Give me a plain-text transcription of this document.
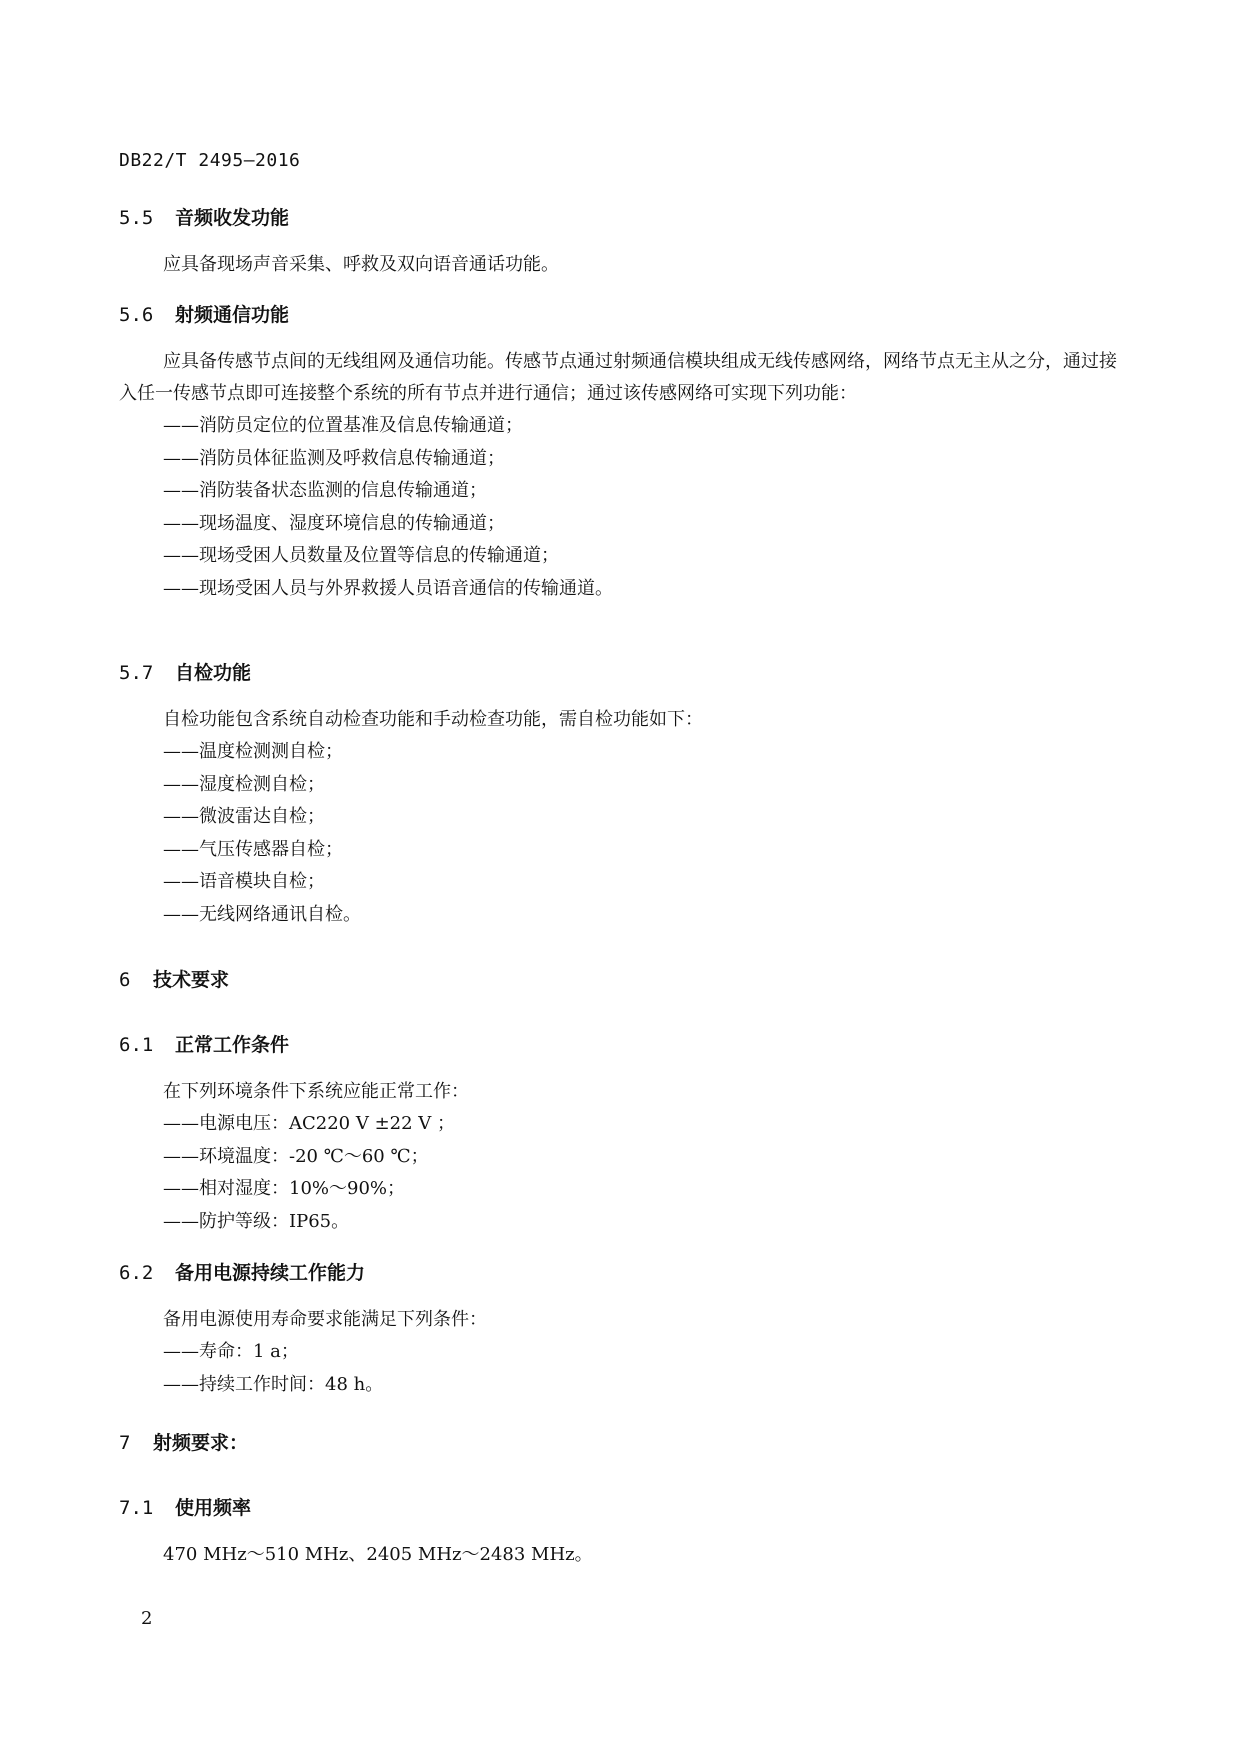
DB22/T 2495—2016
5.5 音频收发功能

应具备现场声音采集、呼救及双向语音通话功能。

5.6 射频通信功能

应具备传感节点间的无线组网及通信功能。传感节点通过射频通信模块组成无线传感网络，网络节点无主从之分，通过接入任一传感节点即可连接整个系统的所有节点并进行通信；通过该传感网络可实现下列功能：

——消防员定位的位置基准及信息传输通道；

——消防员体征监测及呼救信息传输通道；

——消防装备状态监测的信息传输通道；

——现场温度、湿度环境信息的传输通道；

——现场受困人员数量及位置等信息的传输通道；

——现场受困人员与外界救援人员语音通信的传输通道。

5.7 自检功能

自检功能包含系统自动检查功能和手动检查功能，需自检功能如下：

——温度检测测自检；

——湿度检测自检；

——微波雷达自检；

——气压传感器自检；

——语音模块自检；

——无线网络通讯自检。

6 技术要求
6.1 正常工作条件

在下列环境条件下系统应能正常工作：

——电源电压：AC220 V ±22 V ；

——环境温度：-20 ℃～60 ℃；

——相对湿度：10%～90%；

——防护等级：IP65。

6.2 备用电源持续工作能力

备用电源使用寿命要求能满足下列条件：

——寿命：1 a；

——持续工作时间：48 h。

7 射频要求：
7.1 使用频率

470 MHz～510 MHz、2405 MHz～2483 MHz。

2
